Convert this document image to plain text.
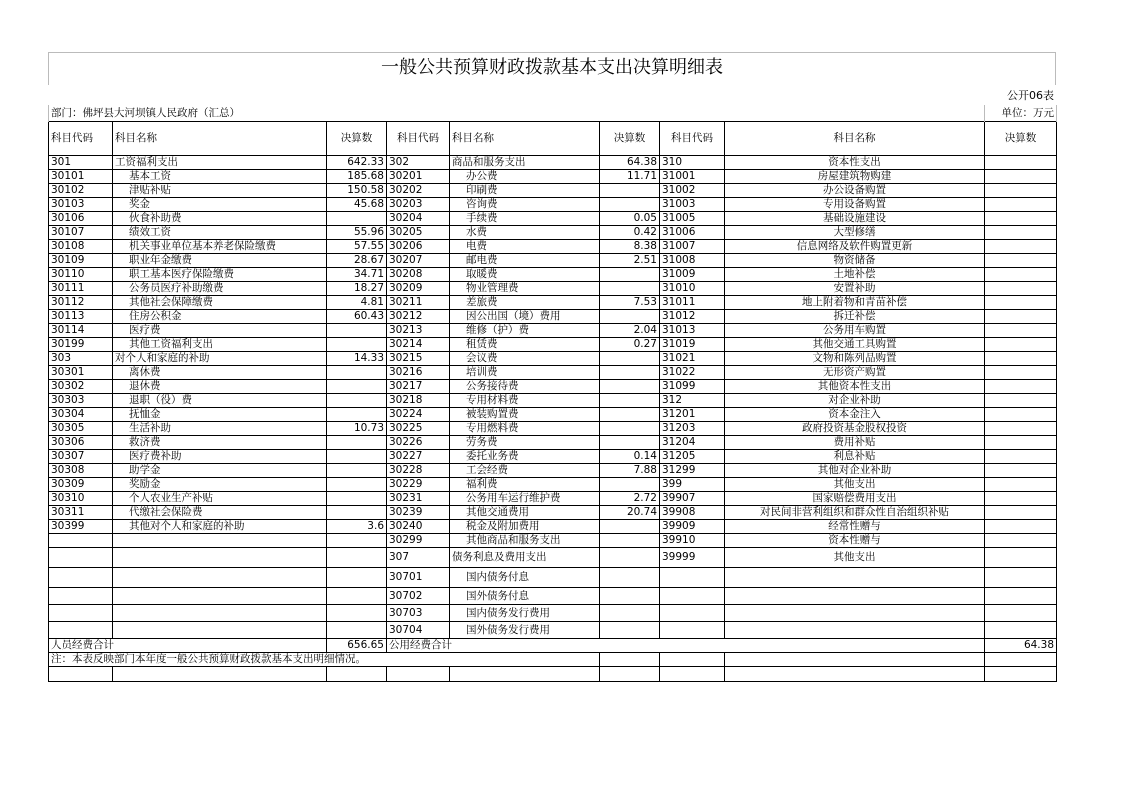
一般公共预算财政拨款基本支出决算明细表
公开06表
部门：佛坪县大河坝镇人民政府（汇总）								单位：万元
科目代码	科目名称	决算数	科目代码	科目名称	决算数	科目代码	科目名称	决算数
301	工资福利支出	642.33	302	商品和服务支出	64.38	310	资本性支出	
30101	基本工资	185.68	30201	办公费	11.71	31001	房屋建筑物购建	
30102	津贴补贴	150.58	30202	印刷费		31002	办公设备购置	
30103	奖金	45.68	30203	咨询费		31003	专用设备购置	
30106	伙食补助费		30204	手续费	0.05	31005	基础设施建设	
30107	绩效工资	55.96	30205	水费	0.42	31006	大型修缮	
30108	机关事业单位基本养老保险缴费	57.55	30206	电费	8.38	31007	信息网络及软件购置更新	
30109	职业年金缴费	28.67	30207	邮电费	2.51	31008	物资储备	
30110	职工基本医疗保险缴费	34.71	30208	取暖费		31009	土地补偿	
30111	公务员医疗补助缴费	18.27	30209	物业管理费		31010	安置补助	
30112	其他社会保障缴费	4.81	30211	差旅费	7.53	31011	地上附着物和青苗补偿	
30113	住房公积金	60.43	30212	因公出国（境）费用		31012	拆迁补偿	
30114	医疗费		30213	维修（护）费	2.04	31013	公务用车购置	
30199	其他工资福利支出		30214	租赁费	0.27	31019	其他交通工具购置	
303	对个人和家庭的补助	14.33	30215	会议费		31021	文物和陈列品购置	
30301	离休费		30216	培训费		31022	无形资产购置	
30302	退休费		30217	公务接待费		31099	其他资本性支出	
30303	退职（役）费		30218	专用材料费		312	对企业补助	
30304	抚恤金		30224	被装购置费		31201	资本金注入	
30305	生活补助	10.73	30225	专用燃料费		31203	政府投资基金股权投资	
30306	救济费		30226	劳务费		31204	费用补贴	
30307	医疗费补助		30227	委托业务费	0.14	31205	利息补贴	
30308	助学金		30228	工会经费	7.88	31299	其他对企业补助	
30309	奖励金		30229	福利费		399	其他支出	
30310	个人农业生产补贴		30231	公务用车运行维护费	2.72	39907	国家赔偿费用支出	
30311	代缴社会保险费		30239	其他交通费用	20.74	39908	对民间非营利组织和群众性自治组织补贴	
30399	其他对个人和家庭的补助	3.6	30240	税金及附加费用		39909	经常性赠与	
			30299	其他商品和服务支出		39910	资本性赠与	
			307	债务利息及费用支出		39999	其他支出	
			30701	国内债务付息				
			30702	国外债务付息				
			30703	国内债务发行费用				
			30704	国外债务发行费用				
人员经费合计		656.65	公用经费合计					64.38
注：本表反映部门本年度一般公共预算财政拨款基本支出明细情况。								
